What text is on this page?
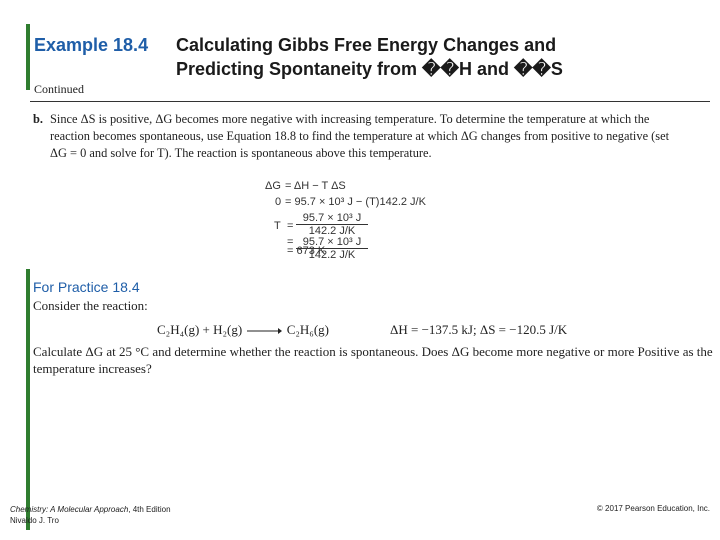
Example 18.4 Calculating Gibbs Free Energy Changes and
Predicting Spontaneity from ��H and ��S
Continued
b. Since ΔS is positive, ΔG becomes more negative with increasing temperature. To determine the temperature at which the reaction becomes spontaneous, use Equation 18.8 to find the temperature at which ΔG changes from positive to negative (set ΔG = 0 and solve for T). The reaction is spontaneous above this temperature.
ΔG = ΔH − T ΔS
0 = 95.7 × 10³ J − (T)142.2 J/K
$T = \frac{\text{95.7 × 10³ J}}{142.2 J/K}$
= $\frac{\text{95.7 × 10³ J}}{142.2 J/K}$
= 673 K
For Practice 18.4
Consider the reaction:
C₂H₄(g) + H₂(g) → C₂H₆(g)	ΔH = −137.5 kJ; ΔS = −120.5 J/K
Calculate ΔG at 25 °C and determine whether the reaction is spontaneous. Does ΔG become more negative or more Positive as the temperature increases?
Chemistry: A Molecular Approach, 4th Edition
Nivaldo J. Tro
© 2017 Pearson Education, Inc.
